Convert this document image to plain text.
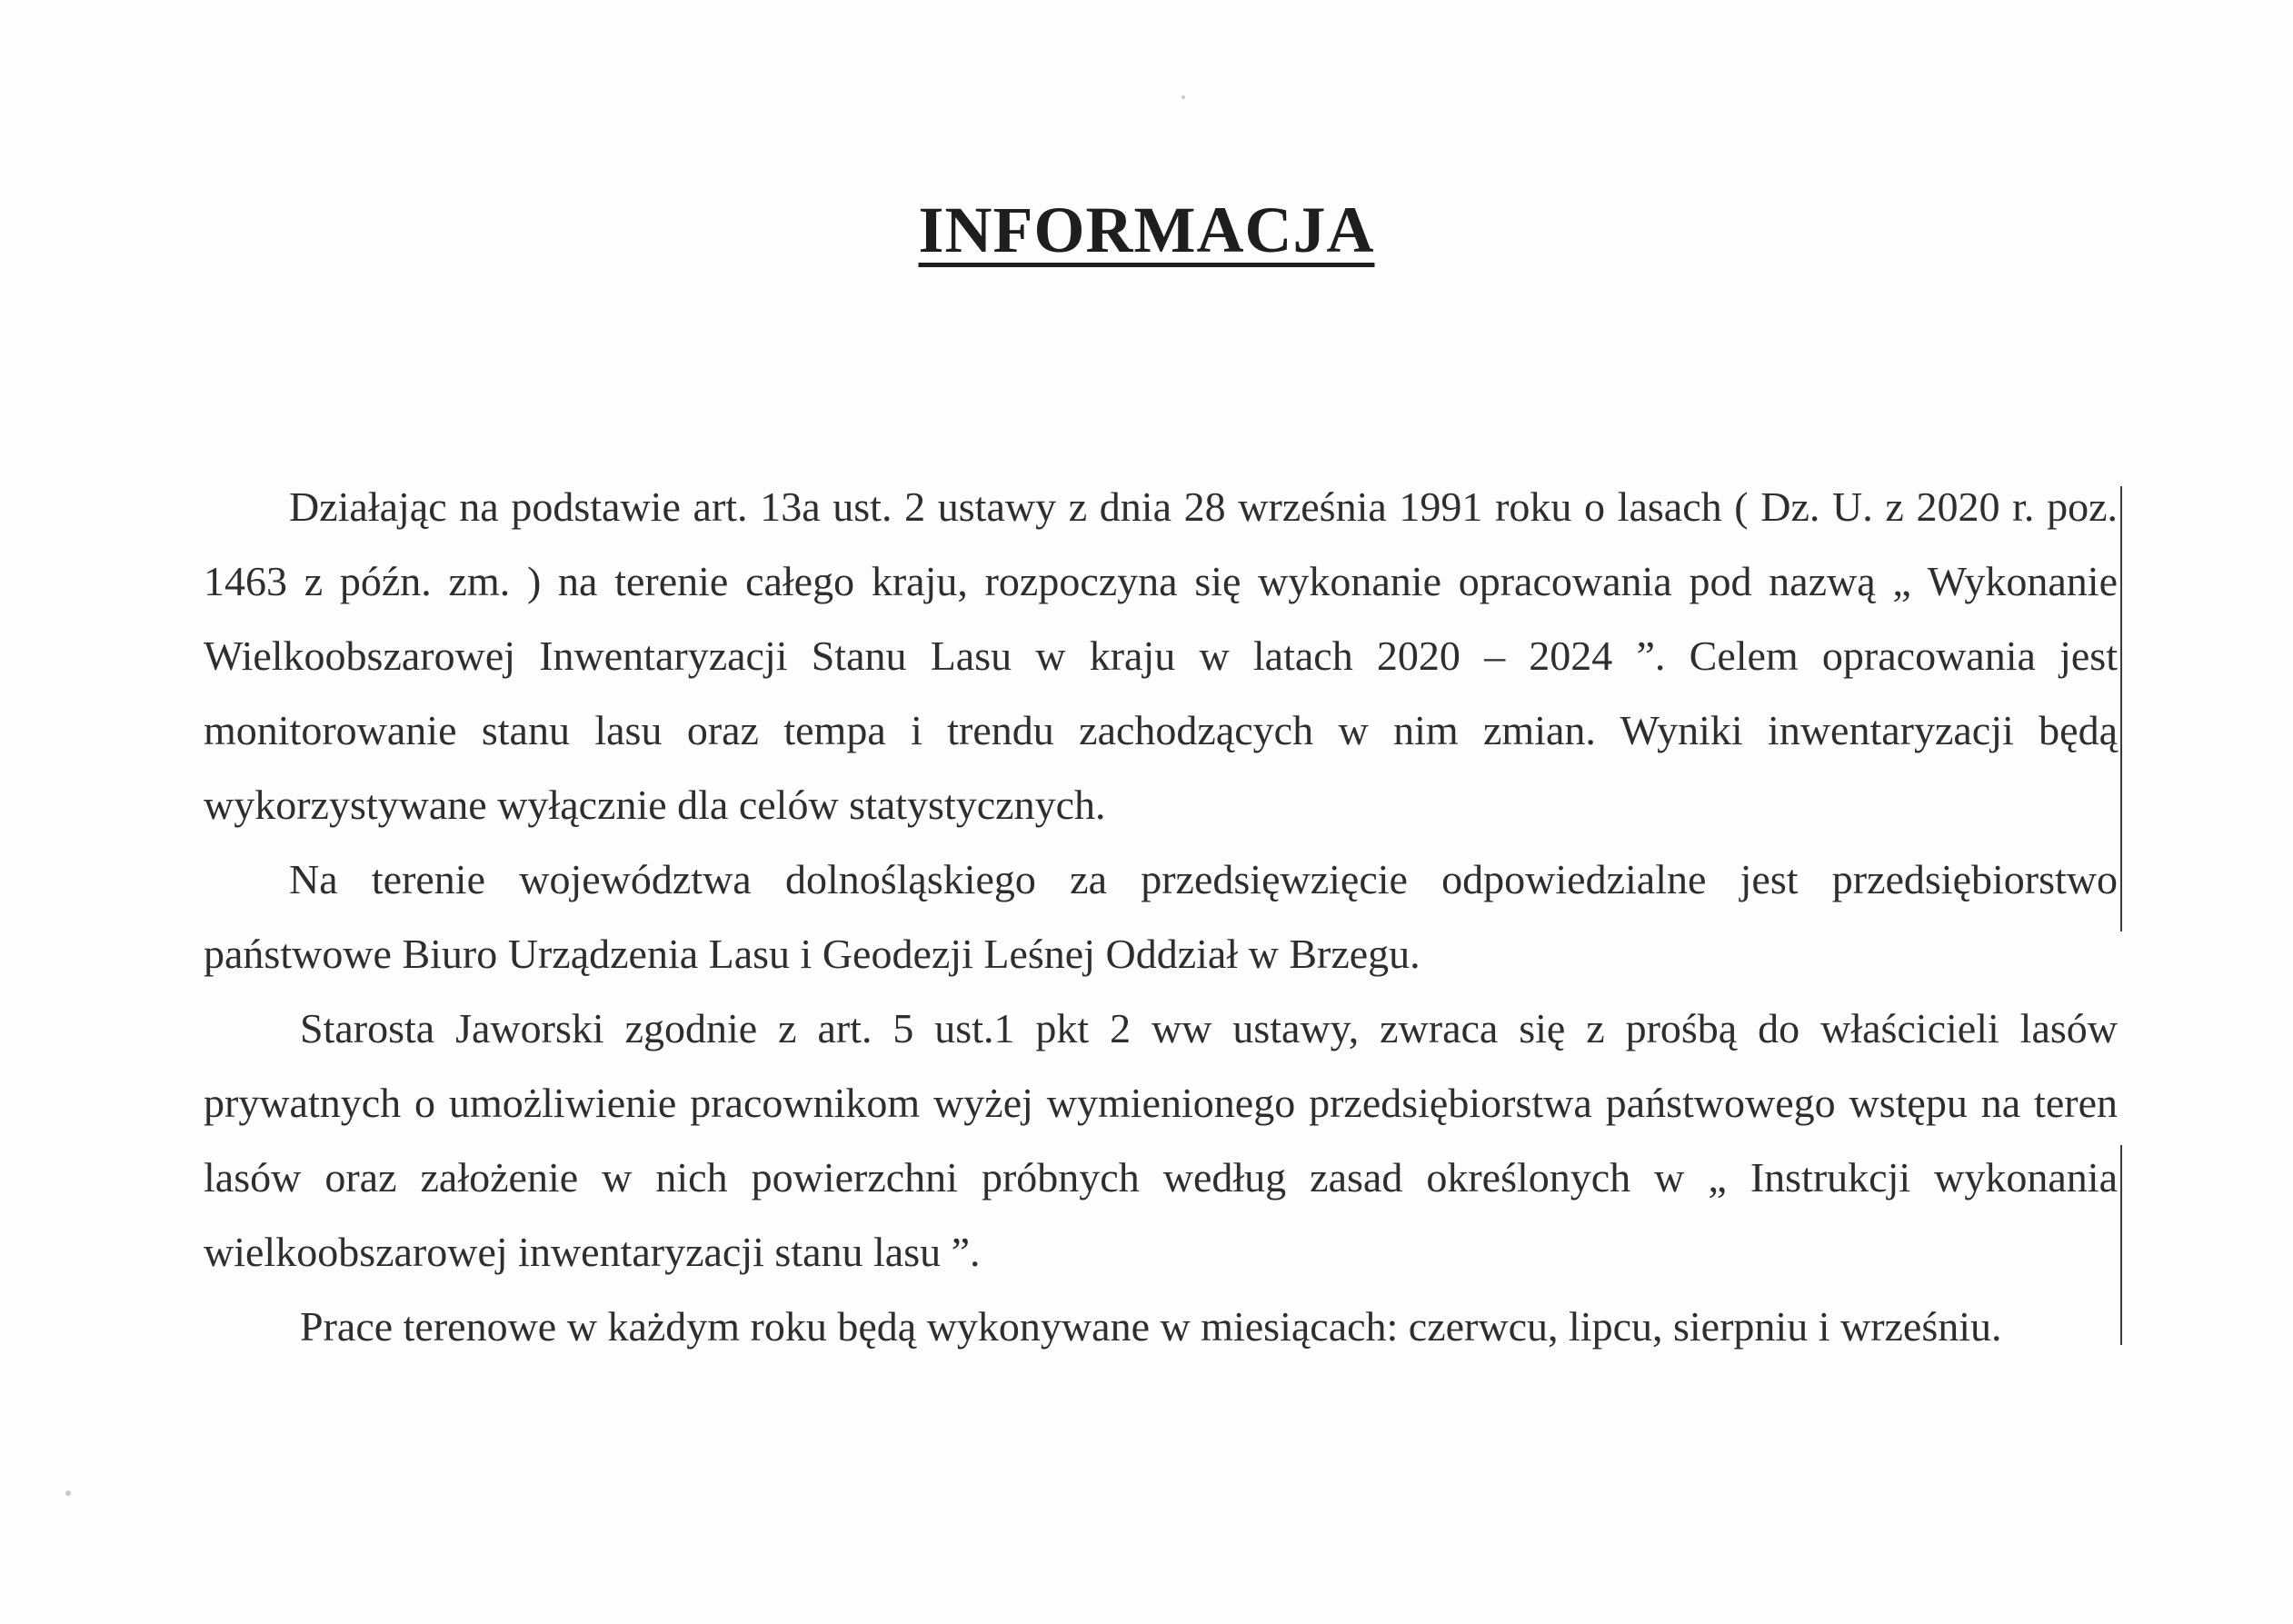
INFORMACJA

Działając na podstawie art. 13a ust. 2 ustawy z dnia 28 września 1991 roku o lasach ( Dz. U. z 2020 r. poz. 1463 z późn. zm. ) na terenie całego kraju, rozpoczyna się wykonanie opracowania pod nazwą „ Wykonanie Wielkoobszarowej Inwentaryzacji Stanu Lasu w kraju w latach 2020 – 2024 ”. Celem opracowania jest monitorowanie stanu lasu oraz tempa i trendu zachodzących w nim zmian. Wyniki inwentaryzacji będą wykorzystywane wyłącznie dla celów statystycznych.

Na terenie województwa dolnośląskiego za przedsięwzięcie odpowiedzialne jest przedsiębiorstwo państwowe Biuro Urządzenia Lasu i Geodezji Leśnej Oddział w Brzegu.

Starosta Jaworski zgodnie z art. 5 ust.1 pkt 2 ww ustawy, zwraca się z prośbą do właścicieli lasów prywatnych o umożliwienie pracownikom wyżej wymienionego przedsiębiorstwa państwowego wstępu na teren lasów oraz założenie w nich powierzchni próbnych według zasad określonych w „ Instrukcji wykonania wielkoobszarowej inwentaryzacji stanu lasu ”.

Prace terenowe w każdym roku będą wykonywane w miesiącach: czerwcu, lipcu, sierpniu i wrześniu.
